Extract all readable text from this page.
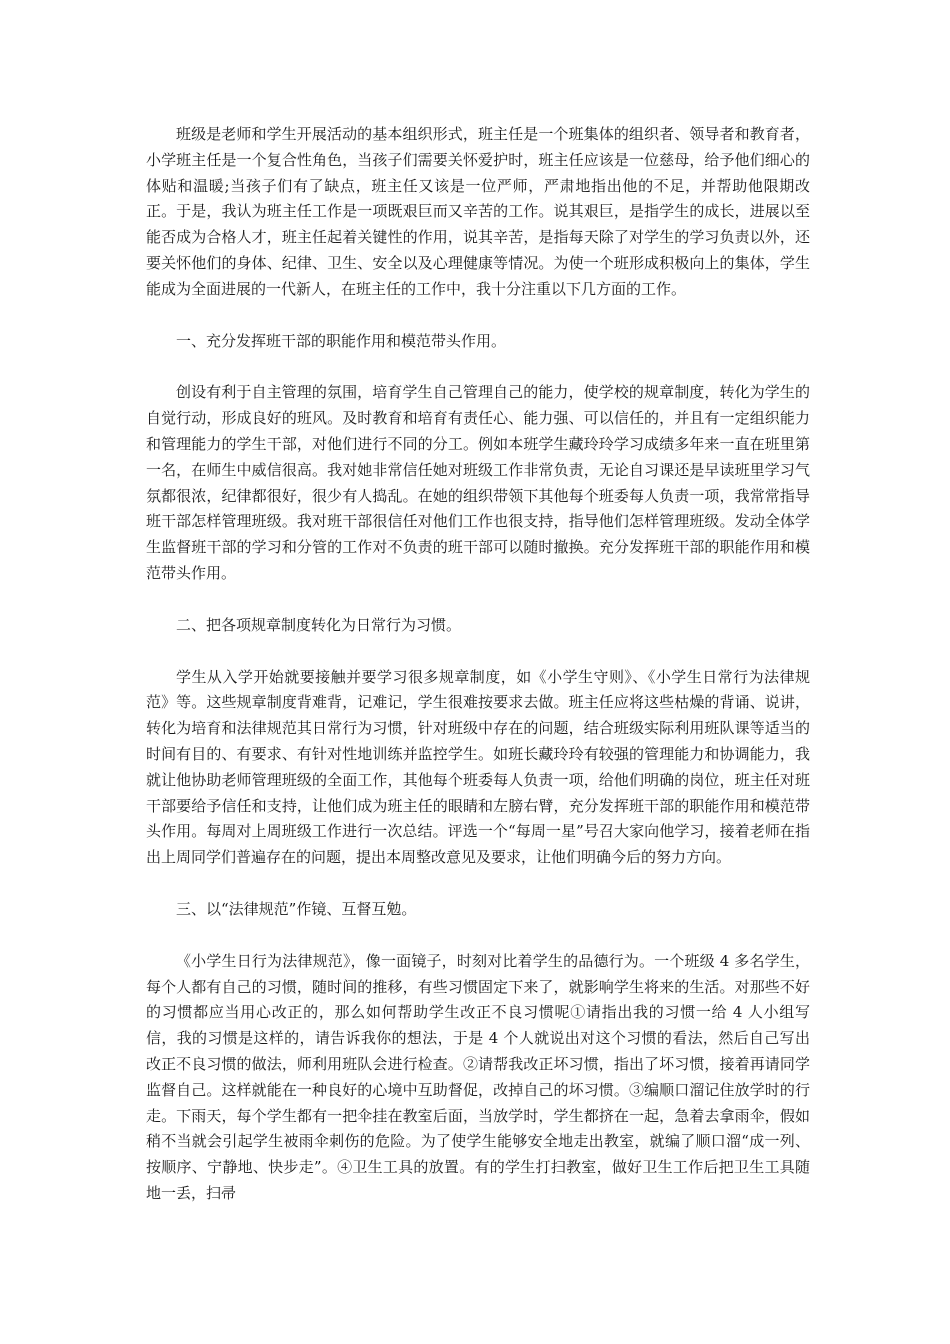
班级是老师和学生开展活动的基本组织形式，班主任是一个班集体的组织者、领导者和教育者，小学班主任是一个复合性角色，当孩子们需要关怀爱护时，班主任应该是一位慈母，给予他们细心的体贴和温暖;当孩子们有了缺点，班主任又该是一位严师，严肃地指出他的不足，并帮助他限期改正。于是，我认为班主任工作是一项既艰巨而又辛苦的工作。说其艰巨，是指学生的成长，进展以至能否成为合格人才，班主任起着关键性的作用，说其辛苦，是指每天除了对学生的学习负责以外，还要关怀他们的身体、纪律、卫生、安全以及心理健康等情况。为使一个班形成积极向上的集体，学生能成为全面进展的一代新人，在班主任的工作中，我十分注重以下几方面的工作。

一、充分发挥班干部的职能作用和模范带头作用。

创设有利于自主管理的氛围，培育学生自己管理自己的能力，使学校的规章制度，转化为学生的自觉行动，形成良好的班风。及时教育和培育有责任心、能力强、可以信任的，并且有一定组织能力和管理能力的学生干部，对他们进行不同的分工。例如本班学生藏玲玲学习成绩多年来一直在班里第一名，在师生中威信很高。我对她非常信任她对班级工作非常负责，无论自习课还是早读班里学习气氛都很浓，纪律都很好，很少有人捣乱。在她的组织带领下其他每个班委每人负责一项，我常常指导班干部怎样管理班级。我对班干部很信任对他们工作也很支持，指导他们怎样管理班级。发动全体学生监督班干部的学习和分管的工作对不负责的班干部可以随时撤换。充分发挥班干部的职能作用和模范带头作用。

二、把各项规章制度转化为日常行为习惯。

学生从入学开始就要接触并要学习很多规章制度，如《小学生守则》、《小学生日常行为法律规范》等。这些规章制度背难背，记难记，学生很难按要求去做。班主任应将这些枯燥的背诵、说讲，转化为培育和法律规范其日常行为习惯，针对班级中存在的问题，结合班级实际利用班队课等适当的时间有目的、有要求、有针对性地训练并监控学生。如班长藏玲玲有较强的管理能力和协调能力，我就让他协助老师管理班级的全面工作，其他每个班委每人负责一项，给他们明确的岗位，班主任对班干部要给予信任和支持，让他们成为班主任的眼睛和左膀右臂，充分发挥班干部的职能作用和模范带头作用。每周对上周班级工作进行一次总结。评选一个“每周一星”号召大家向他学习，接着老师在指出上周同学们普遍存在的问题，提出本周整改意见及要求，让他们明确今后的努力方向。

三、以“法律规范”作镜、互督互勉。

《小学生日行为法律规范》，像一面镜子，时刻对比着学生的品德行为。一个班级 4 多名学生，每个人都有自己的习惯，随时间的推移，有些习惯固定下来了，就影响学生将来的生活。对那些不好的习惯都应当用心改正的，那么如何帮助学生改正不良习惯呢①请指出我的习惯一给 4 人小组写信，我的习惯是这样的，请告诉我你的想法，于是 4 个人就说出对这个习惯的看法，然后自己写出改正不良习惯的做法，师利用班队会进行检查。②请帮我改正坏习惯，指出了坏习惯，接着再请同学监督自己。这样就能在一种良好的心境中互助督促，改掉自己的坏习惯。③编顺口溜记住放学时的行走。下雨天，每个学生都有一把伞挂在教室后面，当放学时，学生都挤在一起，急着去拿雨伞，假如稍不当就会引起学生被雨伞刺伤的危险。为了使学生能够安全地走出教室，就编了顺口溜“成一列、按顺序、宁静地、快步走”。④卫生工具的放置。有的学生打扫教室，做好卫生工作后把卫生工具随地一丢，扫帚
